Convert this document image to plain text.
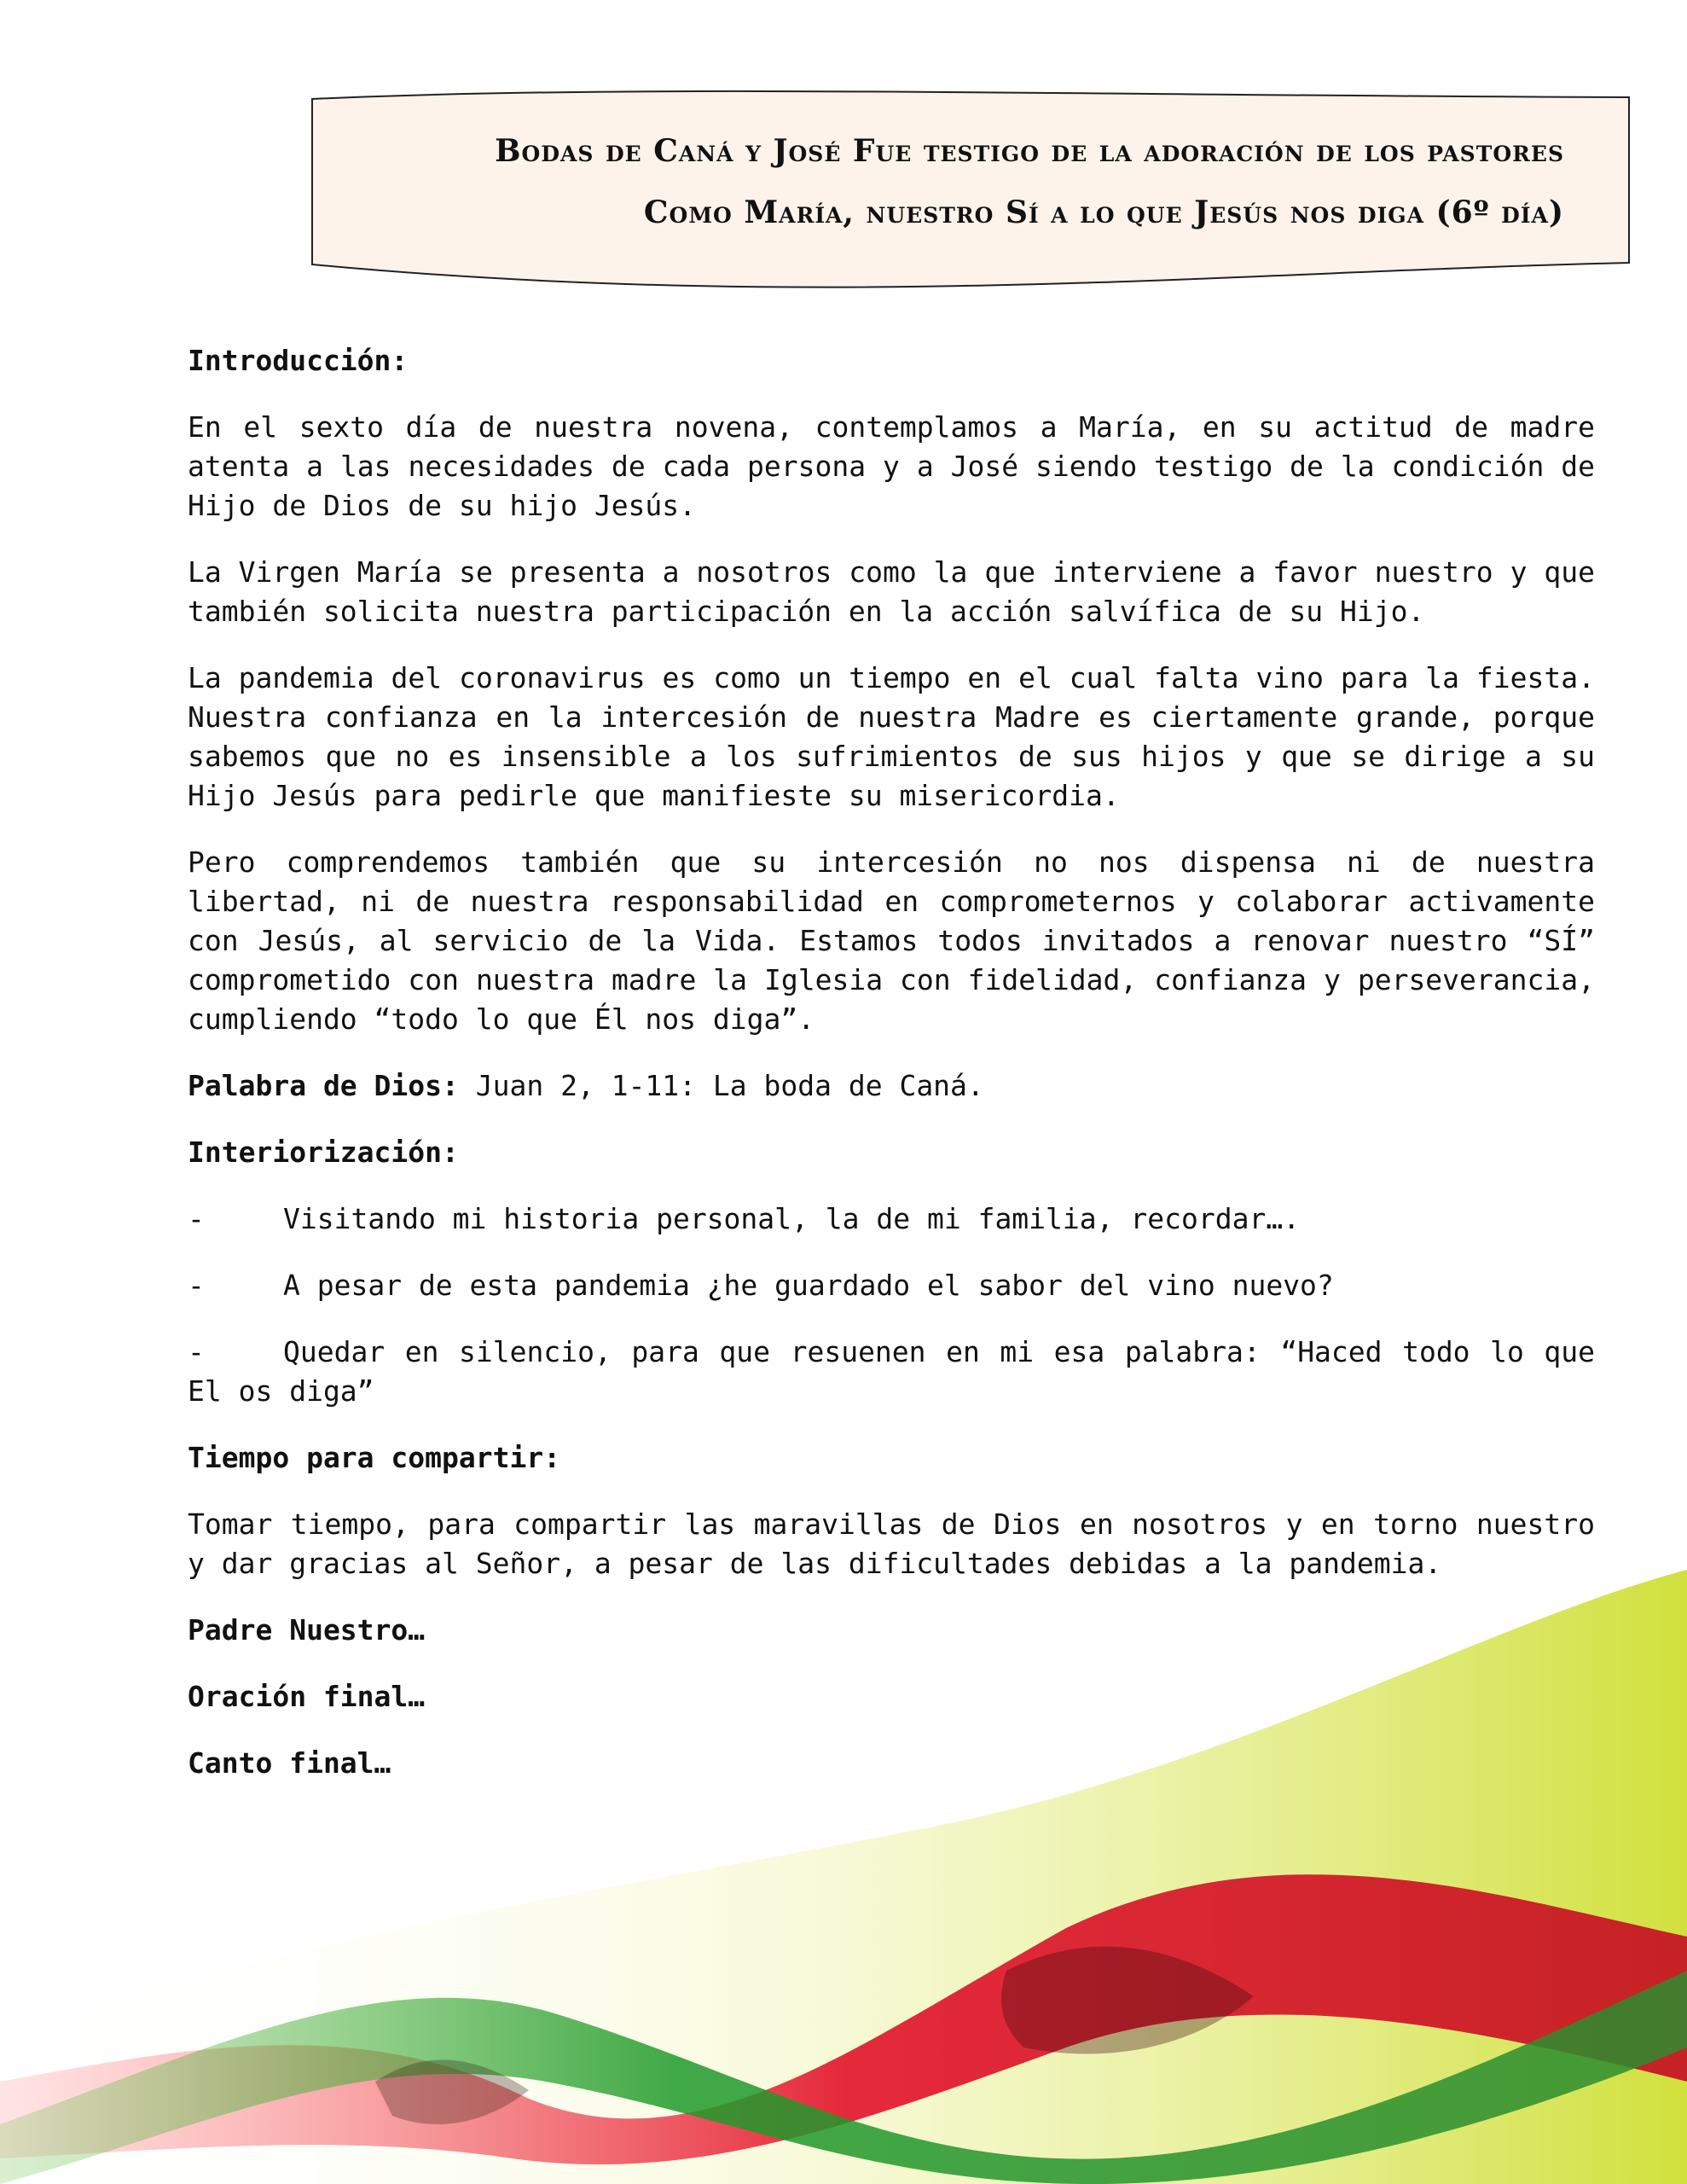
Bodas de Caná y José Fue testigo de la adoración de los pastores

Como María, nuestro Sí a lo que Jesús nos diga (6º día)

Introducción:

En el sexto día de nuestra novena, contemplamos a María, en su actitud de madre atenta a las necesidades de cada persona y a José siendo testigo de la condición de Hijo de Dios de su hijo Jesús.

La Virgen María se presenta a nosotros como la que interviene a favor nuestro y que también solicita nuestra participación en la acción salvífica de su Hijo.

La pandemia del coronavirus es como un tiempo en el cual falta vino para la fiesta. Nuestra confianza en la intercesión de nuestra Madre es ciertamente grande, porque sabemos que no es insensible a los sufrimientos de sus hijos y que se dirige a su Hijo Jesús para pedirle que manifieste su misericordia.

Pero comprendemos también que su intercesión no nos dispensa ni de nuestra libertad, ni de nuestra responsabilidad en comprometernos y colaborar activamente con Jesús, al servicio de la Vida. Estamos todos invitados a renovar nuestro “SÍ” comprometido con nuestra madre la Iglesia con fidelidad, confianza y perseverancia, cumpliendo “todo lo que Él nos diga”.

Palabra de Dios: Juan 2, 1-11: La boda de Caná.

Interiorización:

-	Visitando mi historia personal, la de mi familia, recordar….

-	A pesar de esta pandemia ¿he guardado el sabor del vino nuevo?

-	Quedar en silencio, para que resuenen en mi esa palabra: “Haced todo lo que El os diga”

Tiempo para compartir:

Tomar tiempo, para compartir las maravillas de Dios en nosotros y en torno nuestro y dar gracias al Señor, a pesar de las dificultades debidas a la pandemia.

Padre Nuestro…

Oración final…

Canto final…
